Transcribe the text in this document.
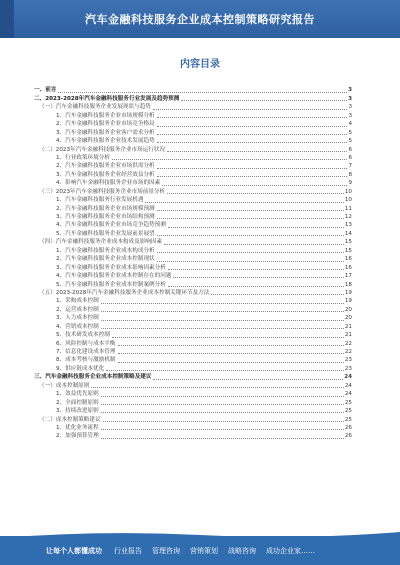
汽车金融科技服务企业成本控制策略研究报告
内容目录
一、前言	3
二、2023-2028年汽车金融科技服务行业发展及趋势预测	3
（一）汽车金融科技服务企业发展现状与趋势	3
1、汽车金融科技服务企业市场规模分析	3
2、汽车金融科技服务企业市场竞争格局	4
3、汽车金融科技服务企业客户需求分析	5
4、汽车金融科技服务企业技术发展趋势	5
（二）2023年汽车金融科技服务企业市场运行状况	6
1、行业政策环境分析	6
2、汽车金融科技服务企业市场供需分析	7
3、汽车金融科技服务企业经营效益分析	8
4、影响汽车金融科技服务企业市场的因素	9
（三）2023年汽车金融科技服务企业市场前景分析	10
1、汽车金融科技服务行业发展机遇	10
2、汽车金融科技服务企业市场规模预测	11
3、汽车金融科技服务企业市场结构预测	12
4、汽车金融科技服务企业市场竞争趋势预测	13
5、汽车金融科技服务企业发展前景展望	14
（四）汽车金融科技服务企业成本构成及影响因素	15
1、汽车金融科技服务企业成本构成分析	15
2、汽车金融科技服务企业成本控制现状	16
3、汽车金融科技服务企业成本影响因素分析	16
4、汽车金融科技服务企业成本控制存在的问题	17
5、汽车金融科技服务企业成本控制案例分析	18
（五）2023-2028年汽车金融科技服务企业成本控制关键环节及方法	19
1、采购成本控制	19
2、运营成本控制	20
3、人力成本控制	20
4、营销成本控制	21
5、技术研发成本控制	21
6、风险控制与成本平衡	22
7、信息化建设成本管理	22
8、成本考核与激励机制	23
9、供应链成本优化	23
三、汽车金融科技服务企业成本控制策略及建议	24
（一）成本控制原则	24
1、效益优先原则	24
2、全面控制原则	25
3、持续改进原则	25
（二）成本控制策略建议	25
1、优化业务流程	26
2、加强预算管理	26
让每个人都懂成功 行业报告 管理咨询 营销策划 战略咨询 成功企业家……
